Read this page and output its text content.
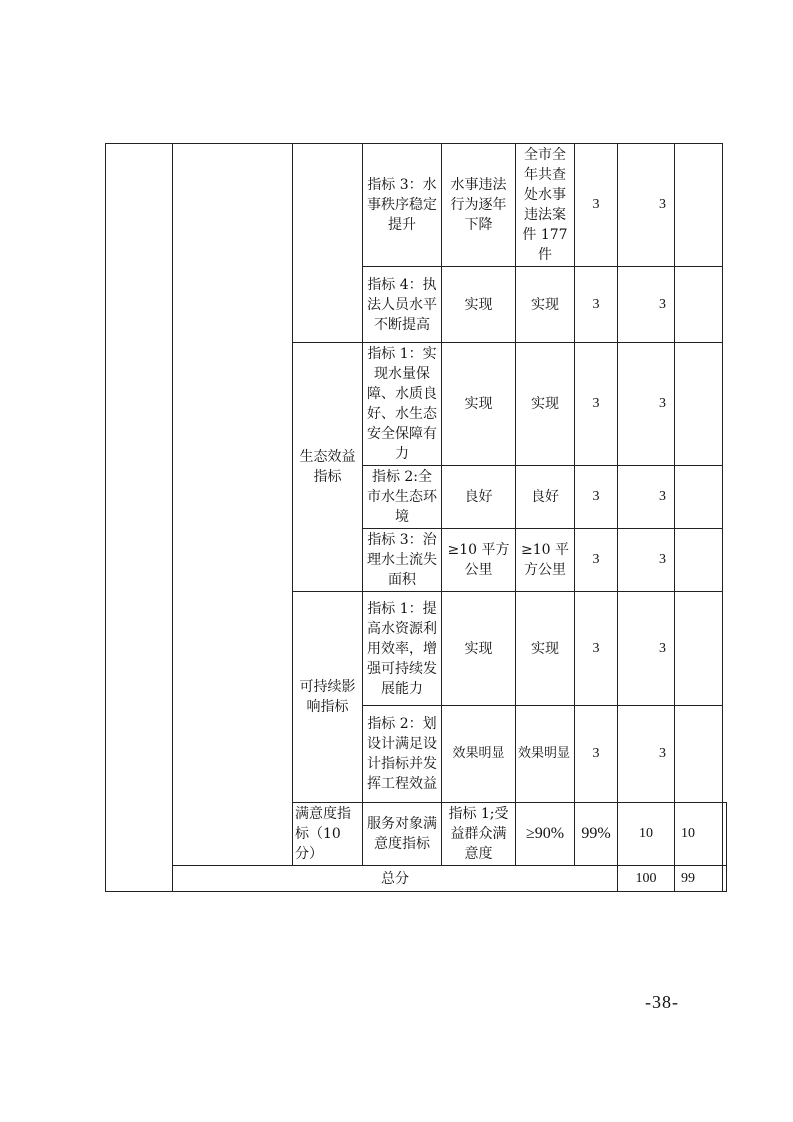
			指标 3：水事秩序稳定提升	水事违法行为逐年下降	全市全年共查处水事违法案件 177 件	3	3		
			指标 4：执法人员水平不断提高	实现	实现	3	3		
		生态效益指标	指标 1：实现水量保障、水质良好、水生态安全保障有力	实现	实现	3	3		
			指标 2:全市水生态环境	良好	良好	3	3		
			指标 3：治理水土流失面积	≥10 平方公里	≥10 平方公里	3	3		
		可持续影响指标	指标 1：提高水资源利用效率，增强可持续发展能力	实现	实现	3	3		
			指标 2：划设计满足设计指标并发挥工程效益	效果明显	效果明显	3	3		
		满意度指标（10 分）	服务对象满意度指标	指标 1;受益群众满意度	≥90%	99%	10	10	
	总分						100	99	
-38-
